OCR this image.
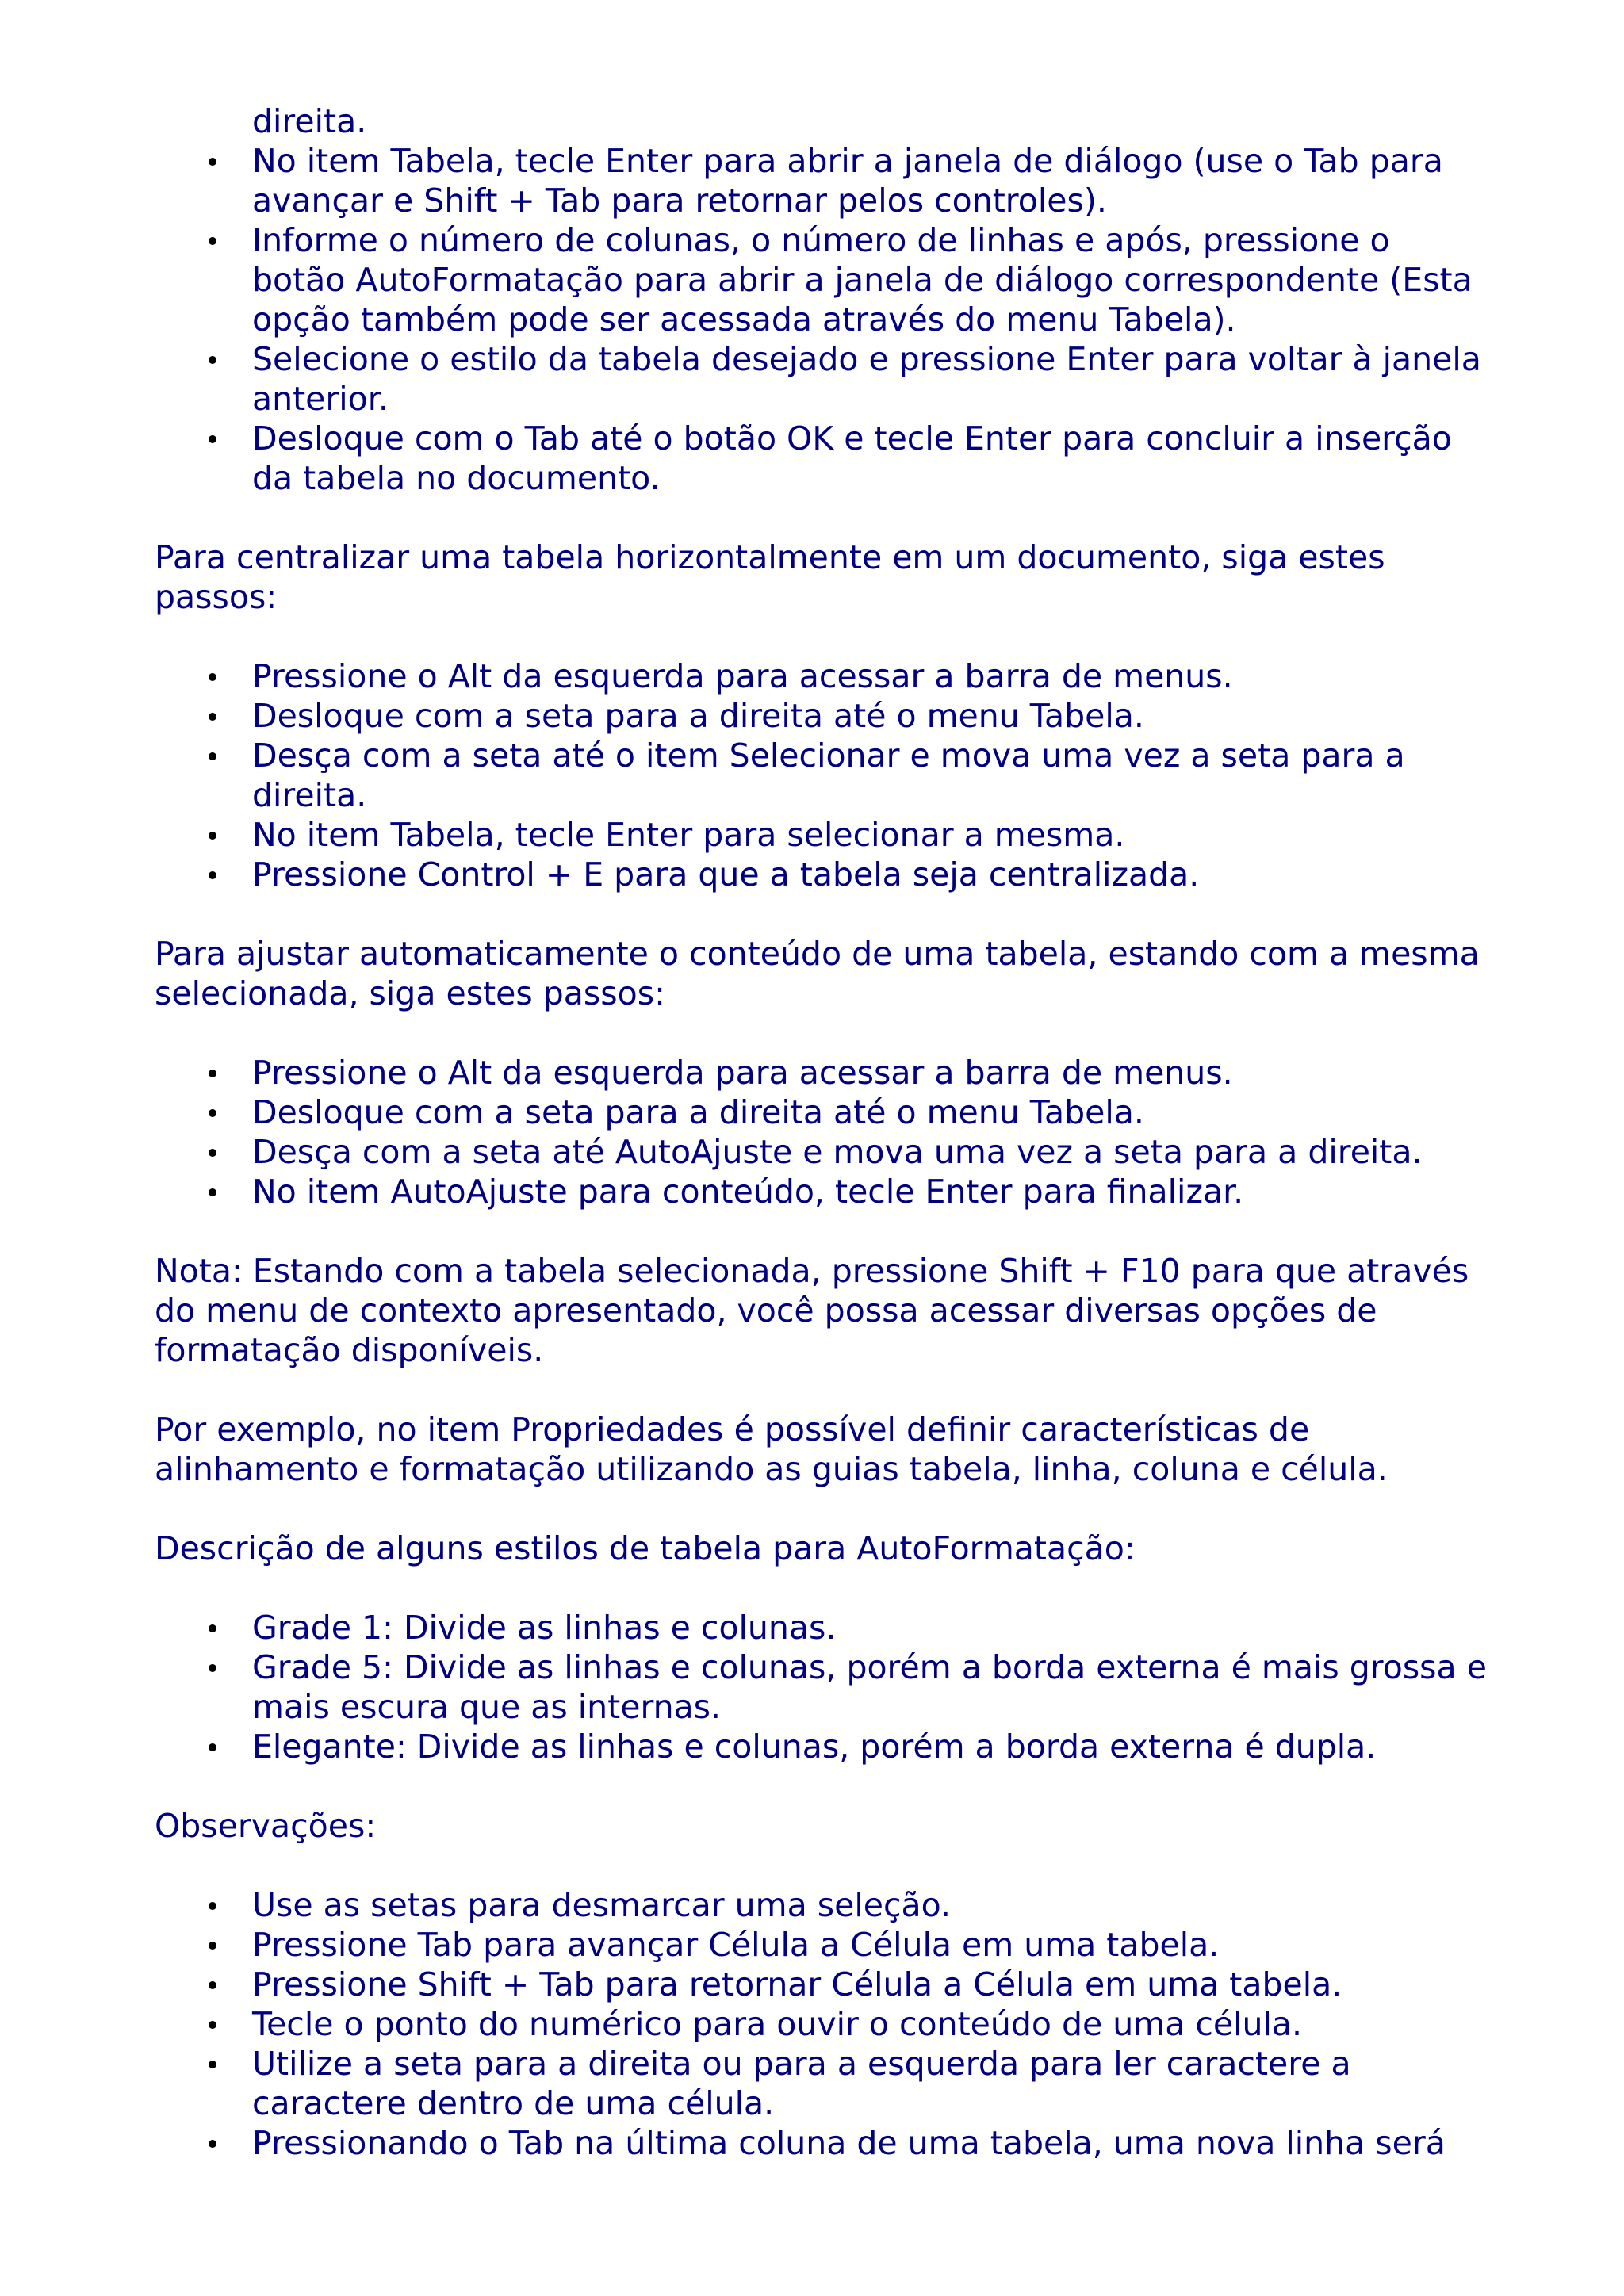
direita.
No item Tabela, tecle Enter para abrir a janela de diálogo (use o Tab para avançar e Shift + Tab para retornar pelos controles).
Informe o número de colunas, o número de linhas e após, pressione o botão AutoFormatação para abrir a janela de diálogo correspondente (Esta opção também pode ser acessada através do menu Tabela).
Selecione o estilo da tabela desejado e pressione Enter para voltar à janela anterior.
Desloque com o Tab até o botão OK e tecle Enter para concluir a inserção da tabela no documento.

Para centralizar uma tabela horizontalmente em um documento, siga estes passos:

Pressione o Alt da esquerda para acessar a barra de menus.
Desloque com a seta para a direita até o menu Tabela.
Desça com a seta até o item Selecionar e mova uma vez a seta para a direita.
No item Tabela, tecle Enter para selecionar a mesma.
Pressione Control + E para que a tabela seja centralizada.

Para ajustar automaticamente o conteúdo de uma tabela, estando com a mesma selecionada, siga estes passos:

Pressione o Alt da esquerda para acessar a barra de menus.
Desloque com a seta para a direita até o menu Tabela.
Desça com a seta até AutoAjuste e mova uma vez a seta para a direita.
No item AutoAjuste para conteúdo, tecle Enter para finalizar.

Nota: Estando com a tabela selecionada, pressione Shift + F10 para que através do menu de contexto apresentado, você possa acessar diversas opções de formatação disponíveis.

Por exemplo, no item Propriedades é possível definir características de alinhamento e formatação utilizando as guias tabela, linha, coluna e célula.

Descrição de alguns estilos de tabela para AutoFormatação:

Grade 1: Divide as linhas e colunas.
Grade 5: Divide as linhas e colunas, porém a borda externa é mais grossa e mais escura que as internas.
Elegante: Divide as linhas e colunas, porém a borda externa é dupla.

Observações:

Use as setas para desmarcar uma seleção.
Pressione Tab para avançar Célula a Célula em uma tabela.
Pressione Shift + Tab para retornar Célula a Célula em uma tabela.
Tecle o ponto do numérico para ouvir o conteúdo de uma célula.
Utilize a seta para a direita ou para a esquerda para ler caractere a caractere dentro de uma célula.
Pressionando o Tab na última coluna de uma tabela, uma nova linha será
